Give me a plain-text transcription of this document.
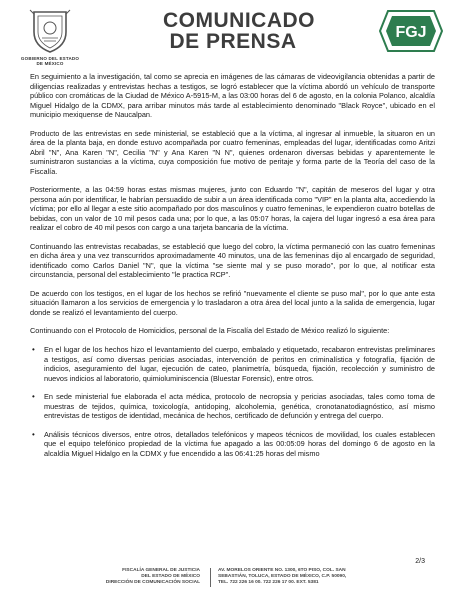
GOBIERNO DEL ESTADO DE MÉXICO
COMUNICADO
DE PRENSA	FGJ

En seguimiento a la investigación, tal como se aprecia en imágenes de las cámaras de videovigilancia obtenidas a partir de diligencias realizadas y entrevistas hechas a testigos, se logró establecer que la víctima abordó un vehículo de transporte público con cromáticas de la Ciudad de México A-5915-M, a las 03:00 horas del 6 de agosto, en la colonia Polanco, alcaldía Miguel Hidalgo de la CDMX, para arribar minutos más tarde al establecimiento denominado "Black Royce", ubicado en el municipio mexiquense de Naucalpan.

Producto de las entrevistas en sede ministerial, se estableció que a la víctima, al ingresar al inmueble, la situaron en un área de la planta baja, en donde estuvo acompañada por cuatro femeninas, empleadas del lugar, identificadas como Aritzi Abril "N", Ana Karen "N", Cecilia "N" y Ana Karen "N N", quienes ordenaron diversas bebidas y aparentemente le suministraron sustancias a la víctima, cuya composición fue motivo de peritaje y forma parte de la Teoría del caso de la Fiscalía.

Posteriormente, a las 04:59 horas estas mismas mujeres, junto con Eduardo "N", capitán de meseros del lugar y otra persona aún por identificar, le habrían persuadido de subir a un área identificada como "VIP" en la planta alta, accediendo la víctima; por ello al llegar a este sitio acompañado por dos masculinos y cuatro femeninas, le expendieron cuatro botellas de bebidas, con un valor de 10 mil pesos cada una; por lo que, a las 05:07 horas, la cajera del lugar ingresó a esa área para realizar el cobro de 40 mil pesos con cargo a una tarjeta bancaria de la víctima.

Continuando las entrevistas recabadas, se estableció que luego del cobro, la víctima permaneció con las cuatro femeninas en dicha área y una vez transcurridos aproximadamente 40 minutos, una de las femeninas dijo al encargado de seguridad, identificado como Carlos Daniel "N", que la víctima "se siente mal y se puso morado", por lo que, al notificar esta circunstancia, personal del establecimiento "le practica RCP".

De acuerdo con los testigos, en el lugar de los hechos se refirió "nuevamente el cliente se puso mal", por lo que ante esta situación llamaron a los servicios de emergencia y lo trasladaron a otra área del local junto a la salida de emergencia, lugar donde se realizó el levantamiento del cuerpo.

Continuando con el Protocolo de Homicidios, personal de la Fiscalía del Estado de México realizó lo siguiente:

• En el lugar de los hechos hizo el levantamiento del cuerpo, embalado y etiquetado, recabaron entrevistas preliminares a testigos, así como diversas pericias asociadas, intervención de peritos en criminalística y fotografía, fijación de indicios, aseguramiento del lugar, ejecución de cateo, planimetría, búsqueda, fijación, recolección y suministro de nuevos indicios al laboratorio, quimioluminiscencia (Bluestar Forensic), entre otros.
• En sede ministerial fue elaborada el acta médica, protocolo de necropsia y pericias asociadas, tales como toma de muestras de tejidos, química, toxicología, antidoping, alcoholemia, genética, cronotanatodiagnóstico, así mismo entrevistas de testigos de identidad, mecánica de hechos, certificado de defunción y entrega del cuerpo.
• Análisis técnicos diversos, entre otros, detallados telefónicos y mapeos técnicos de movilidad, los cuales establecen que el equipo telefónico propiedad de la víctima fue apagado a las 00:05:09 horas del domingo 6 de agosto en la alcaldía Miguel Hidalgo en la CDMX y fue encendido a las 06:41:25 horas del mismo
2/3
FISCALÍA GENERAL DE JUSTICIA
DEL ESTADO DE MÉXICO
DIRECCIÓN DE COMUNICACIÓN SOCIAL
AV. MORELOS ORIENTE NO. 1300, 6TO PISO, COL. SAN
SEBASTIÁN, TOLUCA, ESTADO DE MÉXICO, C.P. 50090,
TEL. 722 226 16 00. 722 226 17 00. EXT. 5381
